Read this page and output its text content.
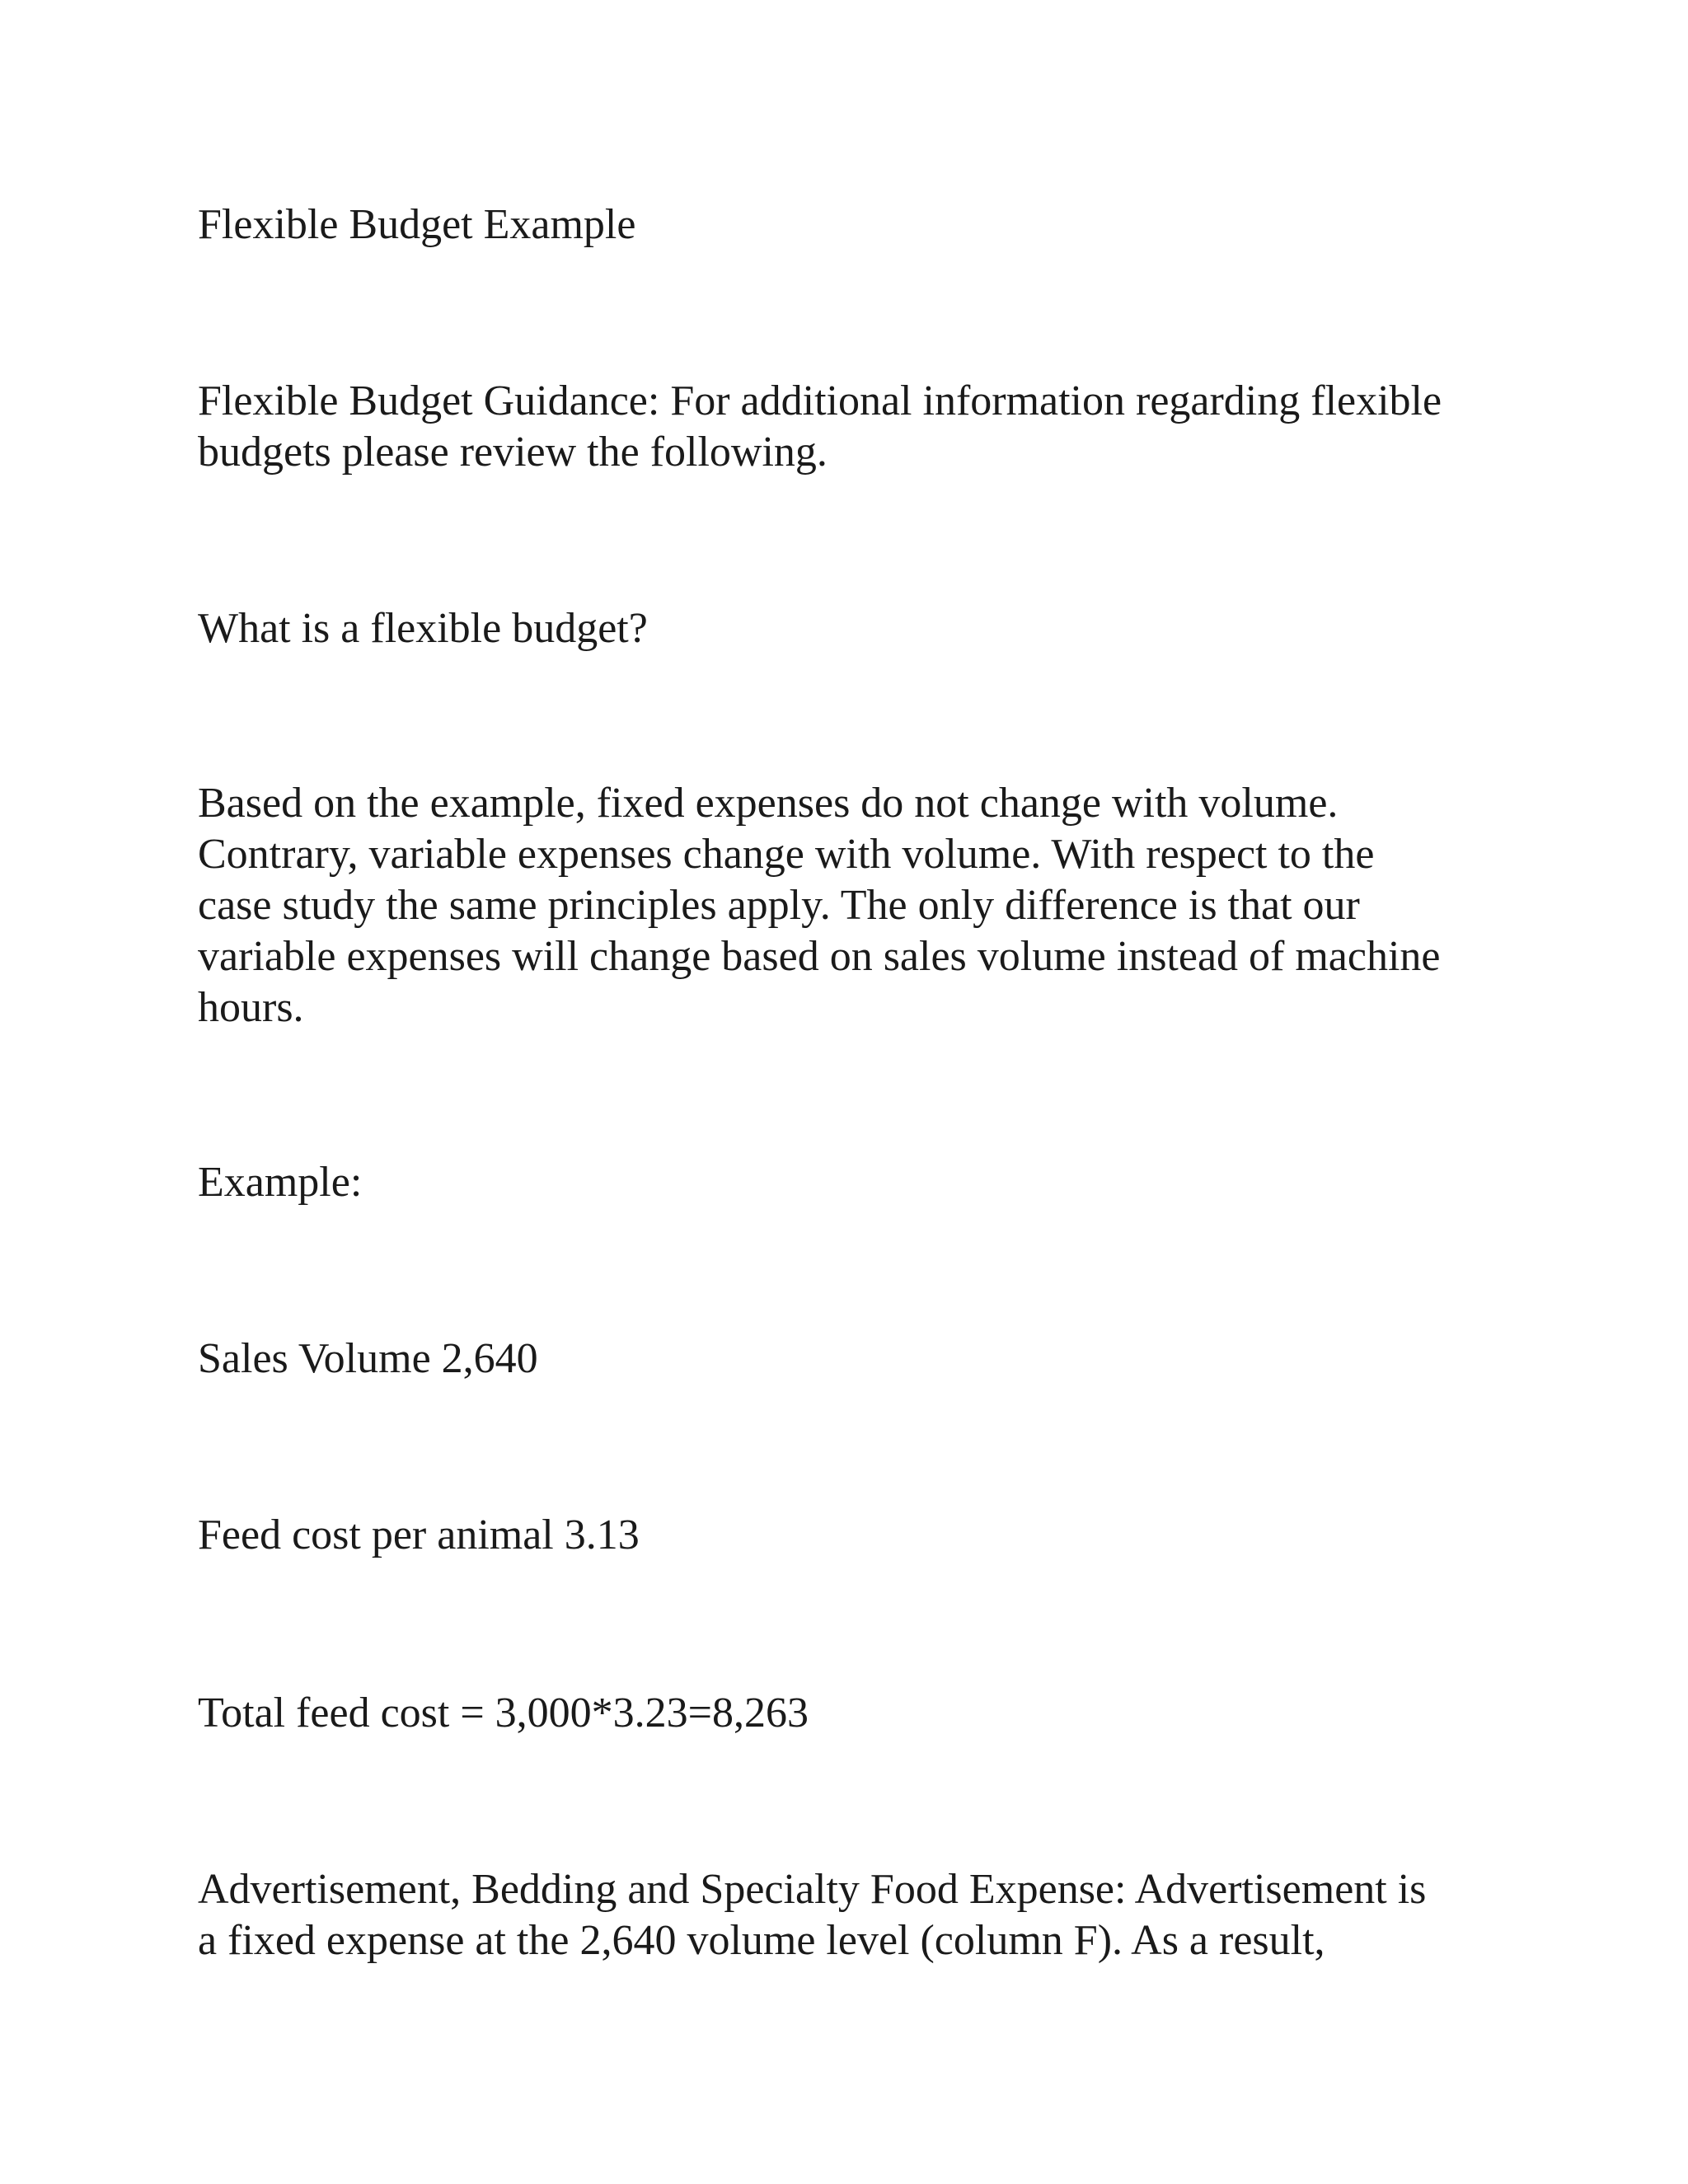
Flexible Budget Example

Flexible Budget Guidance: For additional information regarding flexible
budgets please review the following.

What is a flexible budget?

Based on the example, fixed expenses do not change with volume.
Contrary, variable expenses change with volume. With respect to the
case study the same principles apply. The only difference is that our
variable expenses will change based on sales volume instead of machine
hours.

Example:

Sales Volume 2,640

Feed cost per animal 3.13

Total feed cost = 3,000*3.23=8,263

Advertisement, Bedding and Specialty Food Expense: Advertisement is
a fixed expense at the 2,640 volume level (column F). As a result,
